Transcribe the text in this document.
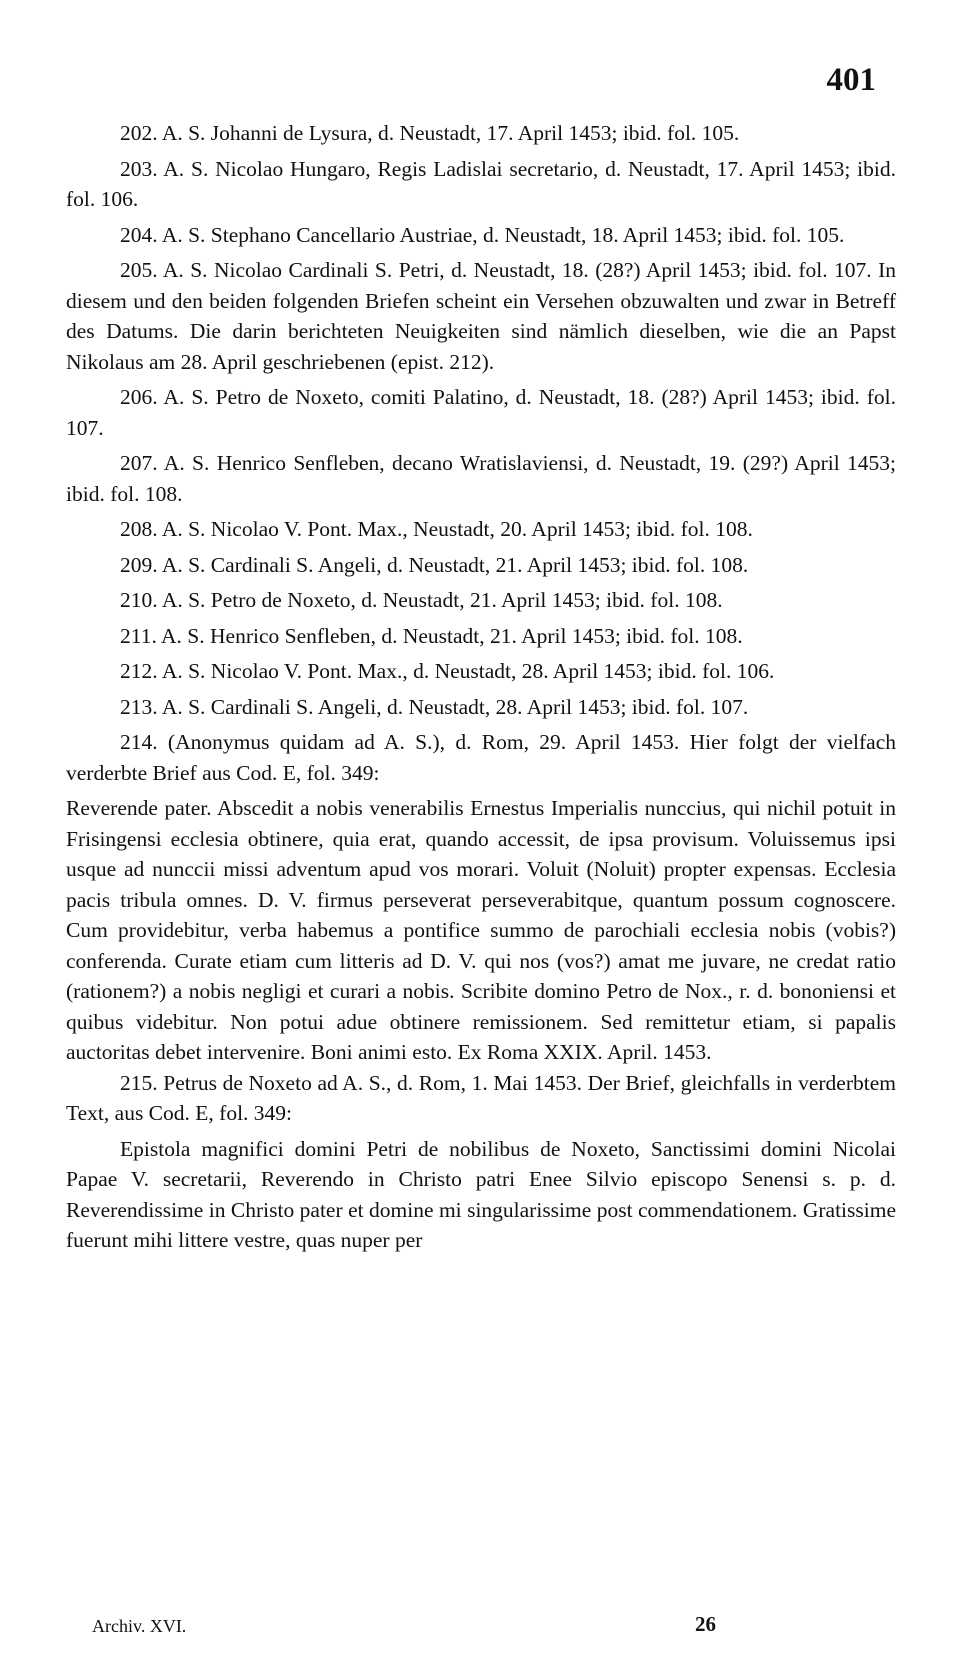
401

202. A. S. Johanni de Lysura, d. Neustadt, 17. April 1453; ibid. fol. 105.

203. A. S. Nicolao Hungaro, Regis Ladislai secretario, d. Neustadt, 17. April 1453; ibid. fol. 106.

204. A. S. Stephano Cancellario Austriae, d. Neustadt, 18. April 1453; ibid. fol. 105.

205. A. S. Nicolao Cardinali S. Petri, d. Neustadt, 18. (28?) April 1453; ibid. fol. 107. In diesem und den beiden folgenden Briefen scheint ein Versehen obzuwalten und zwar in Betreff des Datums. Die darin berichteten Neuigkeiten sind nämlich dieselben, wie die an Papst Nikolaus am 28. April geschriebenen (epist. 212).

206. A. S. Petro de Noxeto, comiti Palatino, d. Neustadt, 18. (28?) April 1453; ibid. fol. 107.

207. A. S. Henrico Senfleben, decano Wratislaviensi, d. Neustadt, 19. (29?) April 1453; ibid. fol. 108.

208. A. S. Nicolao V. Pont. Max., Neustadt, 20. April 1453; ibid. fol. 108.

209. A. S. Cardinali S. Angeli, d. Neustadt, 21. April 1453; ibid. fol. 108.

210. A. S. Petro de Noxeto, d. Neustadt, 21. April 1453; ibid. fol. 108.

211. A. S. Henrico Senfleben, d. Neustadt, 21. April 1453; ibid. fol. 108.

212. A. S. Nicolao V. Pont. Max., d. Neustadt, 28. April 1453; ibid. fol. 106.

213. A. S. Cardinali S. Angeli, d. Neustadt, 28. April 1453; ibid. fol. 107.

214. (Anonymus quidam ad A. S.), d. Rom, 29. April 1453. Hier folgt der vielfach verderbte Brief aus Cod. E, fol. 349:

Reverende pater. Abscedit a nobis venerabilis Ernestus Imperialis nunccius, qui nichil potuit in Frisingensi ecclesia obtinere, quia erat, quando accessit, de ipsa provisum. Voluissemus ipsi usque ad nunccii missi adventum apud vos morari. Voluit (Noluit) propter expensas. Ecclesia pacis tribula omnes. D. V. firmus perseverat perseverabitque, quantum possum cognoscere. Cum providebitur, verba habemus a pontifice summo de parochiali ecclesia nobis (vobis?) conferenda. Curate etiam cum litteris ad D. V. qui nos (vos?) amat me juvare, ne credat ratio (rationem?) a nobis negligi et curari a nobis. Scribite domino Petro de Nox., r. d. bononiensi et quibus videbitur. Non potui adue obtinere remissionem. Sed remittetur etiam, si papalis auctoritas debet intervenire. Boni animi esto. Ex Roma XXIX. April. 1453.

215. Petrus de Noxeto ad A. S., d. Rom, 1. Mai 1453. Der Brief, gleichfalls in verderbtem Text, aus Cod. E, fol. 349:

Epistola magnifici domini Petri de nobilibus de Noxeto, Sanctissimi domini Nicolai Papae V. secretarii, Reverendo in Christo patri Enee Silvio episcopo Senensi s. p. d. Reverendissime in Christo pater et domine mi singularissime post commendationem. Gratissime fuerunt mihi littere vestre, quas nuper per

Archiv. XVI.	26
